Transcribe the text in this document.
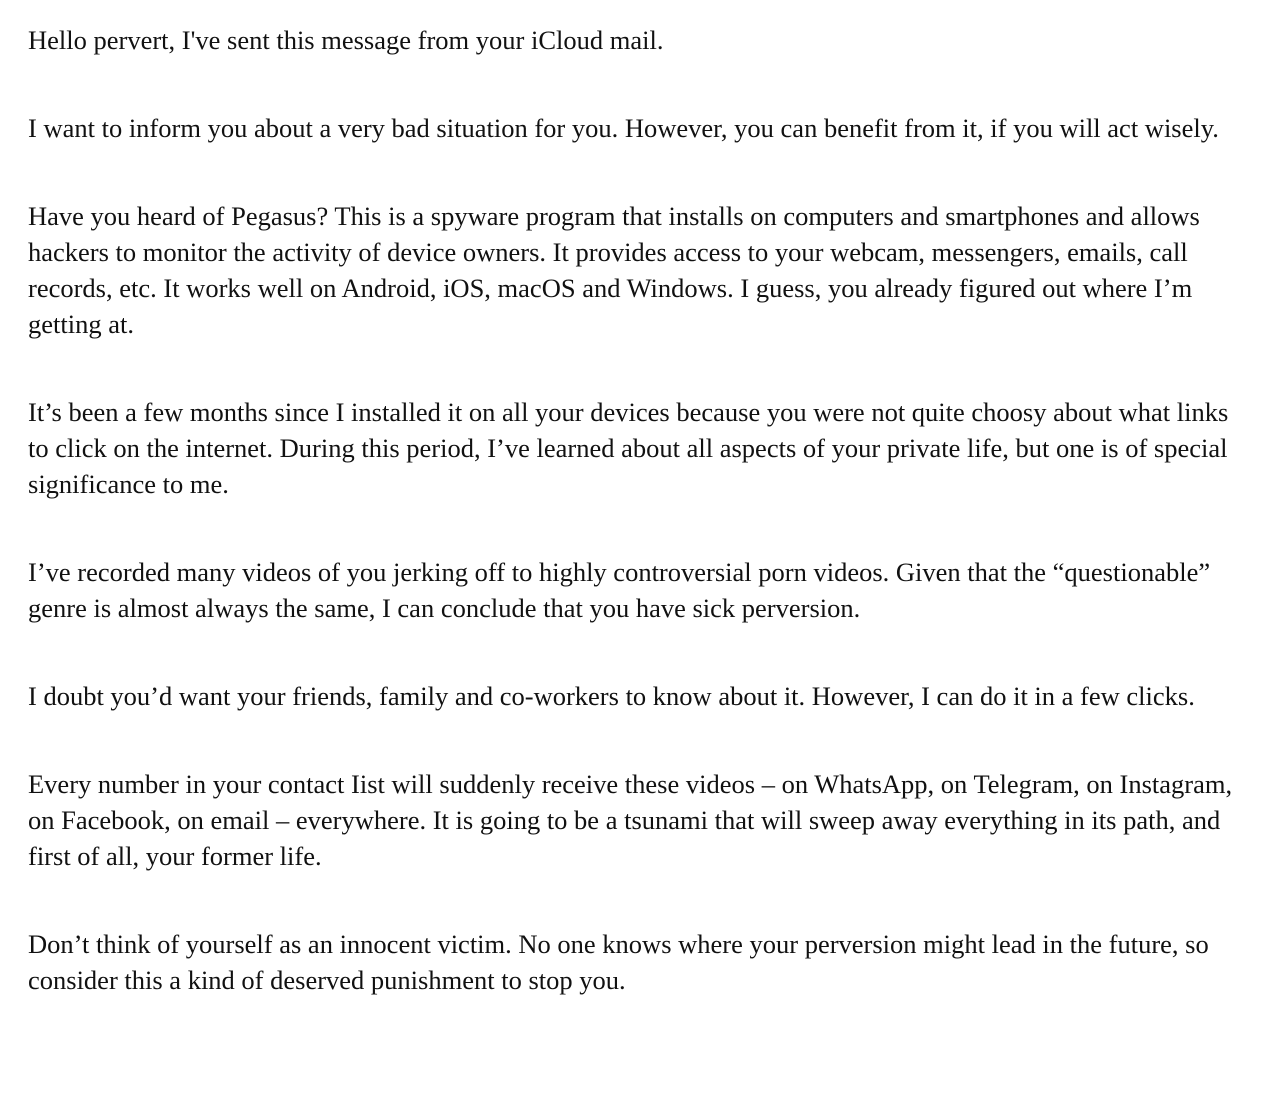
Hello pervert, I've sent this message from your iCloud mail.

I want to inform you about a very bad situation for you. However, you can benefit from it, if you will act wisely.

Have you heard of Pegasus? This is a spyware program that installs on computers and smartphones and allows hackers to monitor the activity of device owners. It provides access to your webcam, messengers, emails, call records, etc. It works well on Android, iOS, macOS and Windows. I guess, you already figured out where I’m getting at.

It’s been a few months since I installed it on all your devices because you were not quite choosy about what links to click on the internet. During this period, I’ve learned about all aspects of your private life, but one is of special significance to me.

I’ve recorded many videos of you jerking off to highly controversial porn videos. Given that the “questionable” genre is almost always the same, I can conclude that you have sick perversion.

I doubt you’d want your friends, family and co-workers to know about it. However, I can do it in a few clicks.

Every number in your contact Iist will suddenly receive these videos – on WhatsApp, on Telegram, on Instagram, on Facebook, on email – everywhere. It is going to be a tsunami that will sweep away everything in its path, and first of all, your former life.

Don’t think of yourself as an innocent victim. No one knows where your perversion might lead in the future, so consider this a kind of deserved punishment to stop you.
